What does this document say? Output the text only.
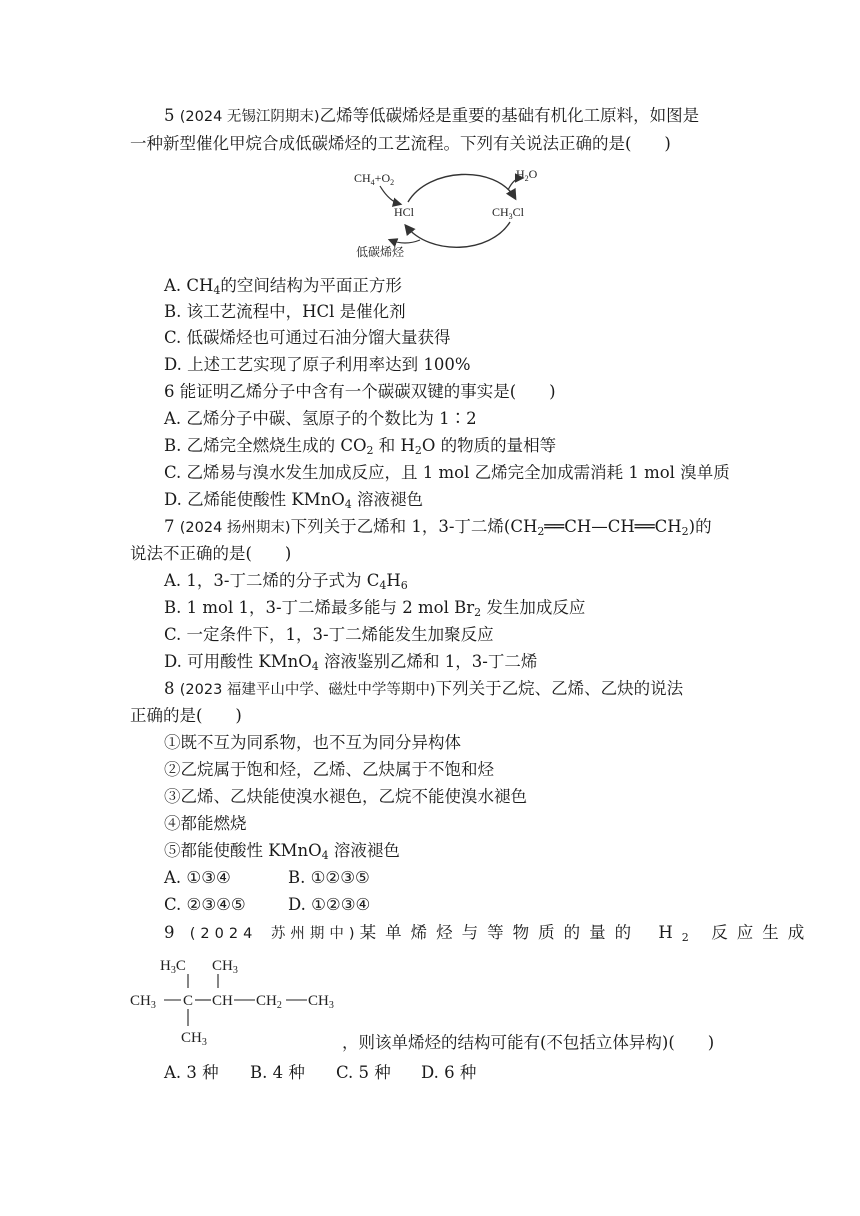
5 (2024 无锡江阴期末)乙烯等低碳烯烃是重要的基础有机化工原料，如图是
一种新型催化甲烷合成低碳烯烃的工艺流程。下列有关说法正确的是(　　)
$CH_4+O_2$
$H_2O$
HCl	$CH_3Cl$
低碳烯烃
A. $CH_4$的空间结构为平面正方形
B. 该工艺流程中，HCl 是催化剂
C. 低碳烯烃也可通过石油分馏大量获得
D. 上述工艺实现了原子利用率达到 100%
6 能证明乙烯分子中含有一个碳碳双键的事实是(　　)
A. 乙烯分子中碳、氢原子的个数比为 1∶2
B. 乙烯完全燃烧生成的 $CO_2$ 和 $H_2O$ 的物质的量相等
C. 乙烯易与溴水发生加成反应，且 1 mol 乙烯完全加成需消耗 1 mol 溴单质
D. 乙烯能使酸性 KMnO$_4$ 溶液褪色
7 (2024 扬州期末)下列关于乙烯和 1，3-丁二烯$(CH_2══CH—CH══CH_2)$的
说法不正确的是(　　)
A. 1，3-丁二烯的分子式为 $C_4H_6$
B. 1 mol 1，3-丁二烯最多能与 2 mol $Br_2$ 发生加成反应
C. 一定条件下，1，3-丁二烯能发生加聚反应
D. 可用酸性 KMnO$_4$ 溶液鉴别乙烯和 1，3-丁二烯
8 (2023 福建平山中学、磁灶中学等期中)下列关于乙烷、乙烯、乙炔的说法
正确的是(　　)
①既不互为同系物，也不互为同分异构体
②乙烷属于饱和烃，乙烯、乙炔属于不饱和烃
③乙烯、乙炔能使溴水褪色，乙烷不能使溴水褪色
④都能燃烧
⑤都能使酸性 KMnO$_4$ 溶液褪色
A. ①③④	B. ①②③⑤
C. ②③④⑤	D. ①②③④
9 (2024 苏州期中)某单烯烃与等物质的量的 $H_2$　 反应生成
$H_3C$ $CH_3$
$CH_3$ C CH $CH_2$ $CH_3$
$CH_3$	，则该单烯烃的结构可能有(不包括立体异构)(　　)
A. 3 种 B. 4 种 C. 5 种 D. 6 种
